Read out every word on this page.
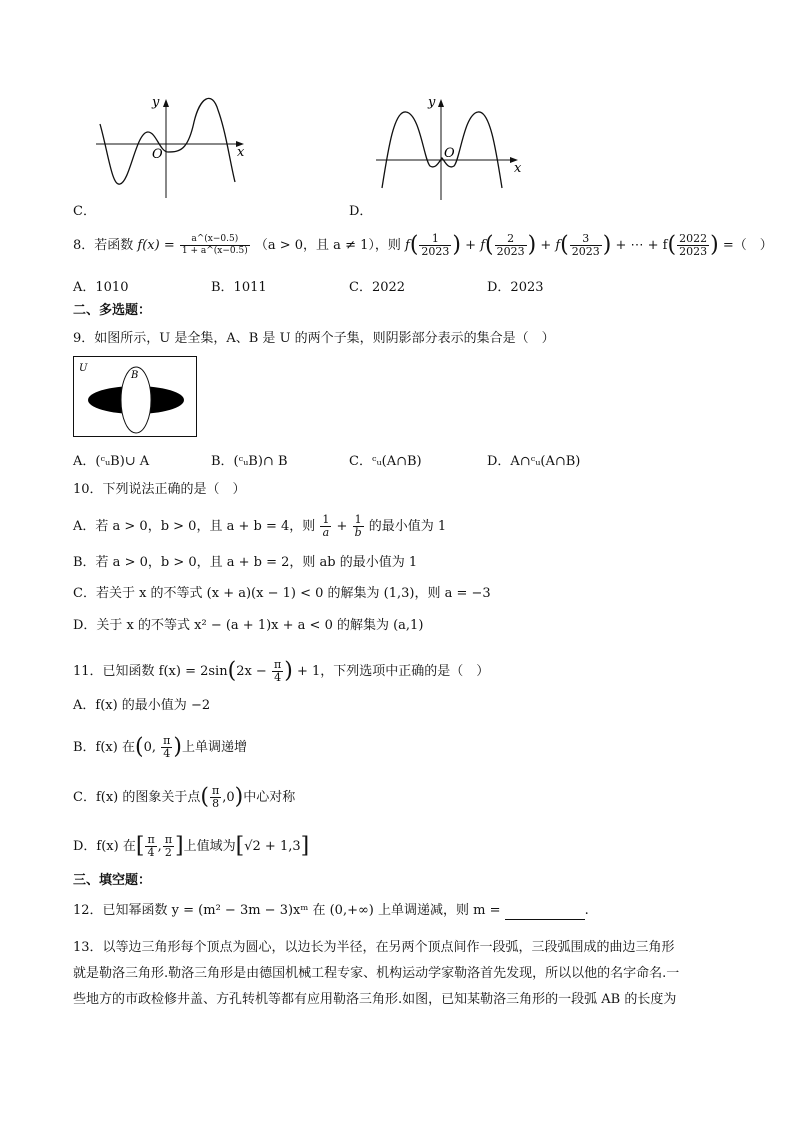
y
x
O
C．
y
x
O
D．
8．若函数 $f(x) = \frac{a\^{}(x-0.5)}{1 + a\^{}(x-0.5)} (a > 0$，且 a ≠ 1），则 $f( \frac{1}{2023}$ ) + $f( \frac{2}{2023}$ ) + $f( \frac{3}{2023}$ ) + ⋯ + $f( \frac{2022}{2023}$ ) =（　）
A．1010	B．1011	C．2022	D．2023
二、多选题：
9．如图所示，U 是全集，A、B 是 U 的两个子集，则阴影部分表示的集合是（　）
U
B
A．(ᶜᵤB)∪ A	B．(ᶜᵤB)∩ B	C．ᶜᵤ(A∩B)	D．A∩ᶜᵤ(A∩B)
10．下列说法正确的是（　）
A．若 a > 0，b > 0，且 a + b = 4，则 $\frac{1}{a} + \frac{1}{b}$ 的最小值为 1
B．若 a > 0，b > 0，且 a + b = 2，则 ab 的最小值为 1
C．若关于 x 的不等式 (x + a)(x − 1) < 0 的解集为 (1,3)，则 a = −3
D．关于 x 的不等式 x² − (a + 1)x + a < 0 的解集为 (a,1)
11．已知函数 $f(x) = 2\sin(2x - \frac{\pi}{4}$ ) + 1，下列选项中正确的是（　）
A．f(x) 的最小值为 −2
B．f(x) 在(0, $\frac{\pi}{4}$ )上单调递增
C．f(x) 的图象关于点( $\frac{\pi}{8} ,0$)中心对称
D．f(x) 在[ $\frac{\pi}{4}$ , $\frac{\pi}{2}$ ]上值域为[√2 + 1,3]
三、填空题：
12．已知幂函数 y = (m² − 3m − 3)xᵐ 在 (0,+∞) 上单调递减，则 m =	.
13．以等边三角形每个顶点为圆心，以边长为半径，在另两个顶点间作一段弧，三段弧围成的曲边三角形
就是勒洛三角形.勒洛三角形是由德国机械工程专家、机构运动学家勒洛首先发现，所以以他的名字命名.一
些地方的市政检修井盖、方孔转机等都有应用勒洛三角形.如图，已知某勒洛三角形的一段弧 AB 的长度为
